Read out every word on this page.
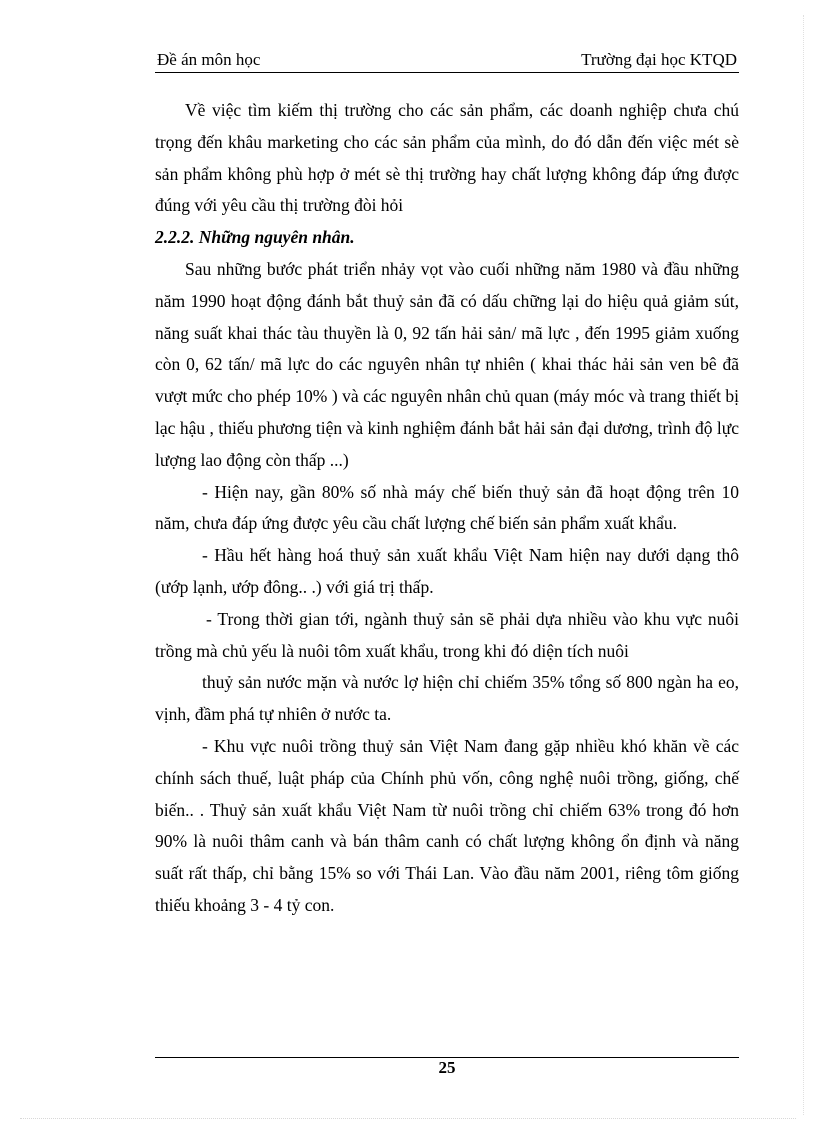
Đề án môn học	Trường đại học KTQD

Về việc tìm kiếm thị trường cho các sản phẩm, các doanh nghiệp chưa chú trọng đến khâu marketing cho các sản phẩm của mình, do đó dẫn đến việc mét sè sản phẩm không phù hợp ở mét sè thị trường hay chất lượng không đáp ứng được đúng với yêu cầu thị trường đòi hỏi

2.2.2. Những nguyên nhân.

Sau những bước phát triển nhảy vọt vào cuối những năm 1980 và đầu những năm 1990 hoạt động đánh bắt thuỷ sản đã có dấu chững lại do hiệu quả giảm sút, năng suất khai thác tàu thuyền là 0, 92 tấn hải sản/ mã lực , đến 1995 giảm xuống còn 0, 62 tấn/ mã lực do các nguyên nhân tự nhiên ( khai thác hải sản ven bê đã vượt mức cho phép 10% ) và các nguyên nhân chủ quan (máy móc và trang thiết bị lạc hậu , thiếu phương tiện và kinh nghiệm đánh bắt hải sản đại dương, trình độ lực lượng lao động còn thấp ...)

- Hiện nay, gần 80% số nhà máy chế biến thuỷ sản đã hoạt động trên 10 năm, chưa đáp ứng được yêu cầu chất lượng chế biến sản phẩm xuất khẩu.

- Hầu hết hàng hoá thuỷ sản xuất khẩu Việt Nam hiện nay dưới dạng thô (ướp lạnh, ướp đông.. .) với giá trị thấp.

- Trong thời gian tới, ngành thuỷ sản sẽ phải dựa nhiều vào khu vực nuôi trồng mà chủ yếu là nuôi tôm xuất khẩu, trong khi đó diện tích nuôi

thuỷ sản nước mặn và nước lợ hiện chỉ chiếm 35% tổng số 800 ngàn ha eo, vịnh, đầm phá tự nhiên ở nước ta.

- Khu vực nuôi trồng thuỷ sản Việt Nam đang gặp nhiều khó khăn về các chính sách thuế, luật pháp của Chính phủ vốn, công nghệ nuôi trồng, giống, chế biến.. . Thuỷ sản xuất khẩu Việt Nam từ nuôi trồng chỉ chiếm 63% trong đó hơn 90% là nuôi thâm canh và bán thâm canh có chất lượng không ổn định và năng suất rất thấp, chỉ bằng 15% so với Thái Lan. Vào đầu năm 2001, riêng tôm giống thiếu khoảng 3 - 4 tỷ con.

25
